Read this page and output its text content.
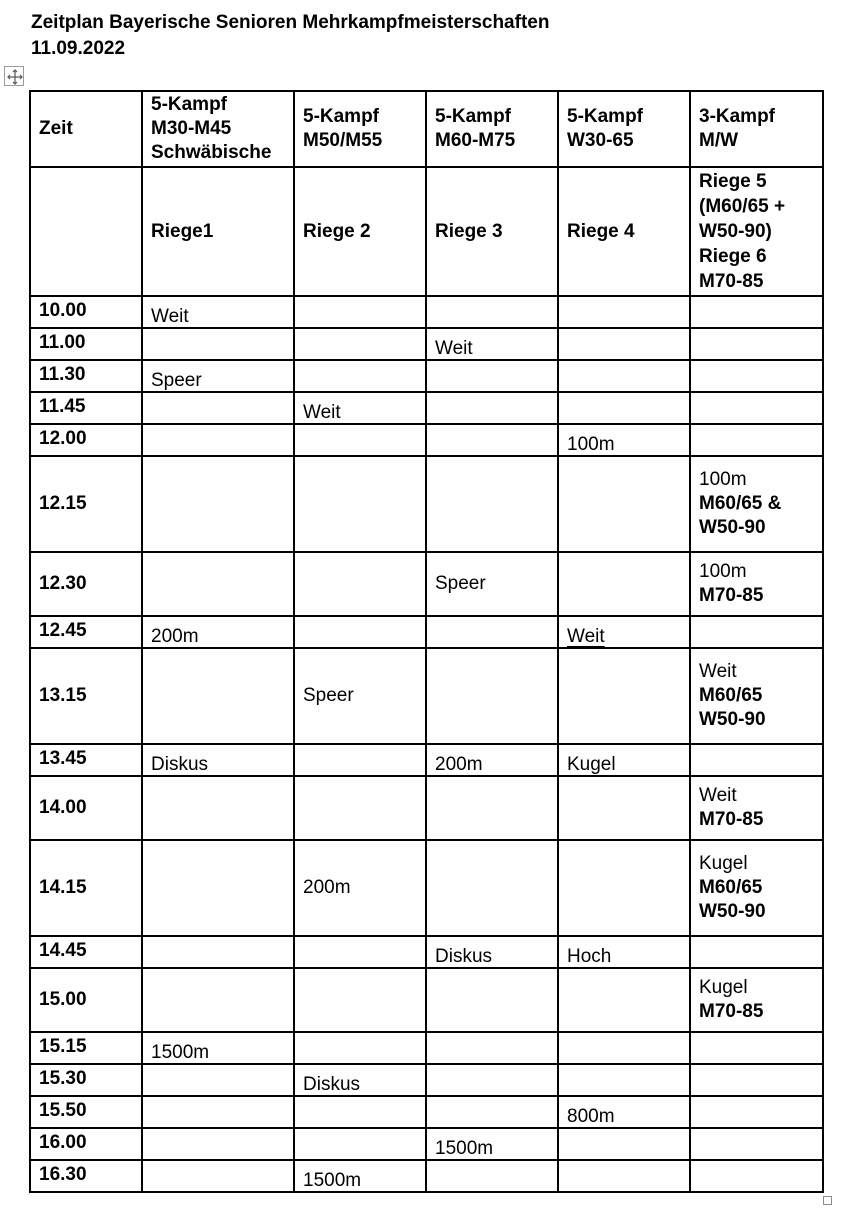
Zeitplan Bayerische Senioren Mehrkampfmeisterschaften
11.09.2022
Zeit	5-Kampf
M30-M45
Schwäbische	5-Kampf
M50/M55	5-Kampf
M60-M75	5-Kampf
W30-65	3-Kampf
M/W

	Riege1	Riege 2	Riege 3	Riege 4	Riege 5
(M60/65 +
W50-90)
Riege 6
M70-85

10.00	Weit				

11.00			Weit		

11.30	Speer				

11.45		Weit			

12.00				100m	

12.15					100m
M60/65 &
W50-90

12.30			Speer		100m
M70-85

12.45	200m			Weit	

13.15		Speer			Weit
M60/65
W50-90

13.45	Diskus		200m	Kugel	

14.00					Weit
M70-85

14.15		200m			Kugel
M60/65
W50-90

14.45			Diskus	Hoch	

15.00					Kugel
M70-85

15.15	1500m				

15.30		Diskus			

15.50				800m	

16.00			1500m		

16.30		1500m			
